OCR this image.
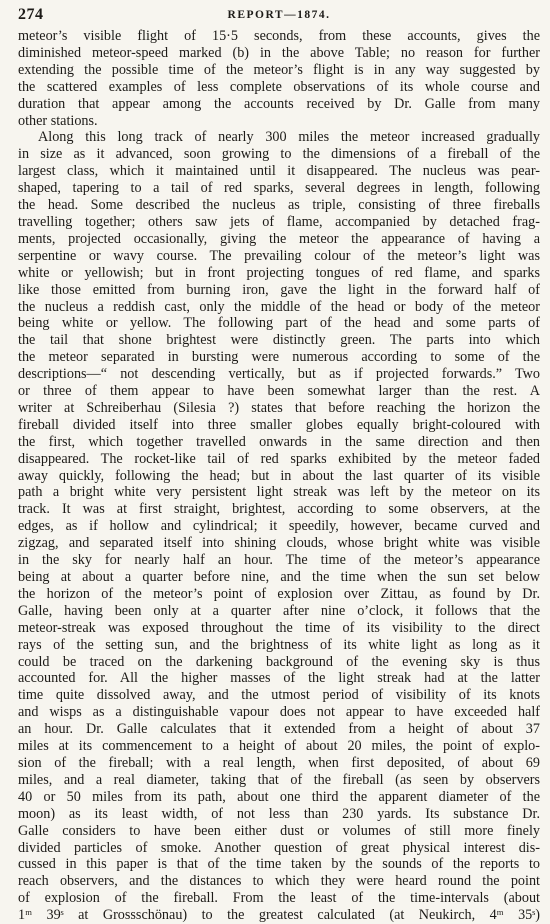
274	REPORT—1874.
meteor’s visible flight of 15·5 seconds, from these accounts, gives the
diminished meteor-speed marked (b) in the above Table; no reason for further
extending the possible time of the meteor’s flight is in any way suggested by
the scattered examples of less complete observations of its whole course and
duration that appear among the accounts received by Dr. Galle from many
other stations.
Along this long track of nearly 300 miles the meteor increased gradually
in size as it advanced, soon growing to the dimensions of a fireball of the
largest class, which it maintained until it disappeared. The nucleus was pear-
shaped, tapering to a tail of red sparks, several degrees in length, following
the head. Some described the nucleus as triple, consisting of three fireballs
travelling together; others saw jets of flame, accompanied by detached frag-
ments, projected occasionally, giving the meteor the appearance of having a
serpentine or wavy course. The prevailing colour of the meteor’s light was
white or yellowish; but in front projecting tongues of red flame, and sparks
like those emitted from burning iron, gave the light in the forward half of
the nucleus a reddish cast, only the middle of the head or body of the meteor
being white or yellow. The following part of the head and some parts of
the tail that shone brightest were distinctly green. The parts into which
the meteor separated in bursting were numerous according to some of the
descriptions—“ not descending vertically, but as if projected forwards.” Two
or three of them appear to have been somewhat larger than the rest. A
writer at Schreiberhau (Silesia ?) states that before reaching the horizon the
fireball divided itself into three smaller globes equally bright-coloured with
the first, which together travelled onwards in the same direction and then
disappeared. The rocket-like tail of red sparks exhibited by the meteor faded
away quickly, following the head; but in about the last quarter of its visible
path a bright white very persistent light streak was left by the meteor on its
track. It was at first straight, brightest, according to some observers, at the
edges, as if hollow and cylindrical; it speedily, however, became curved and
zigzag, and separated itself into shining clouds, whose bright white was visible
in the sky for nearly half an hour. The time of the meteor’s appearance
being at about a quarter before nine, and the time when the sun set below
the horizon of the meteor’s point of explosion over Zittau, as found by Dr.
Galle, having been only at a quarter after nine o’clock, it follows that the
meteor-streak was exposed throughout the time of its visibility to the direct
rays of the setting sun, and the brightness of its white light as long as it
could be traced on the darkening background of the evening sky is thus
accounted for. All the higher masses of the light streak had at the latter
time quite dissolved away, and the utmost period of visibility of its knots
and wisps as a distinguishable vapour does not appear to have exceeded half
an hour. Dr. Galle calculates that it extended from a height of about 37
miles at its commencement to a height of about 20 miles, the point of explo-
sion of the fireball; with a real length, when first deposited, of about 69
miles, and a real diameter, taking that of the fireball (as seen by observers
40 or 50 miles from its path, about one third the apparent diameter of the
moon) as its least width, of not less than 230 yards. Its substance Dr.
Galle considers to have been either dust or volumes of still more finely
divided particles of smoke. Another question of great physical interest dis-
cussed in this paper is that of the time taken by the sounds of the reports to
reach observers, and the distances to which they were heard round the point
of explosion of the fireball. From the least of the time-intervals (about
1ᵐ 39ˢ at Grossschönau) to the greatest calculated (at Neukirch, 4ᵐ 35ˢ)
